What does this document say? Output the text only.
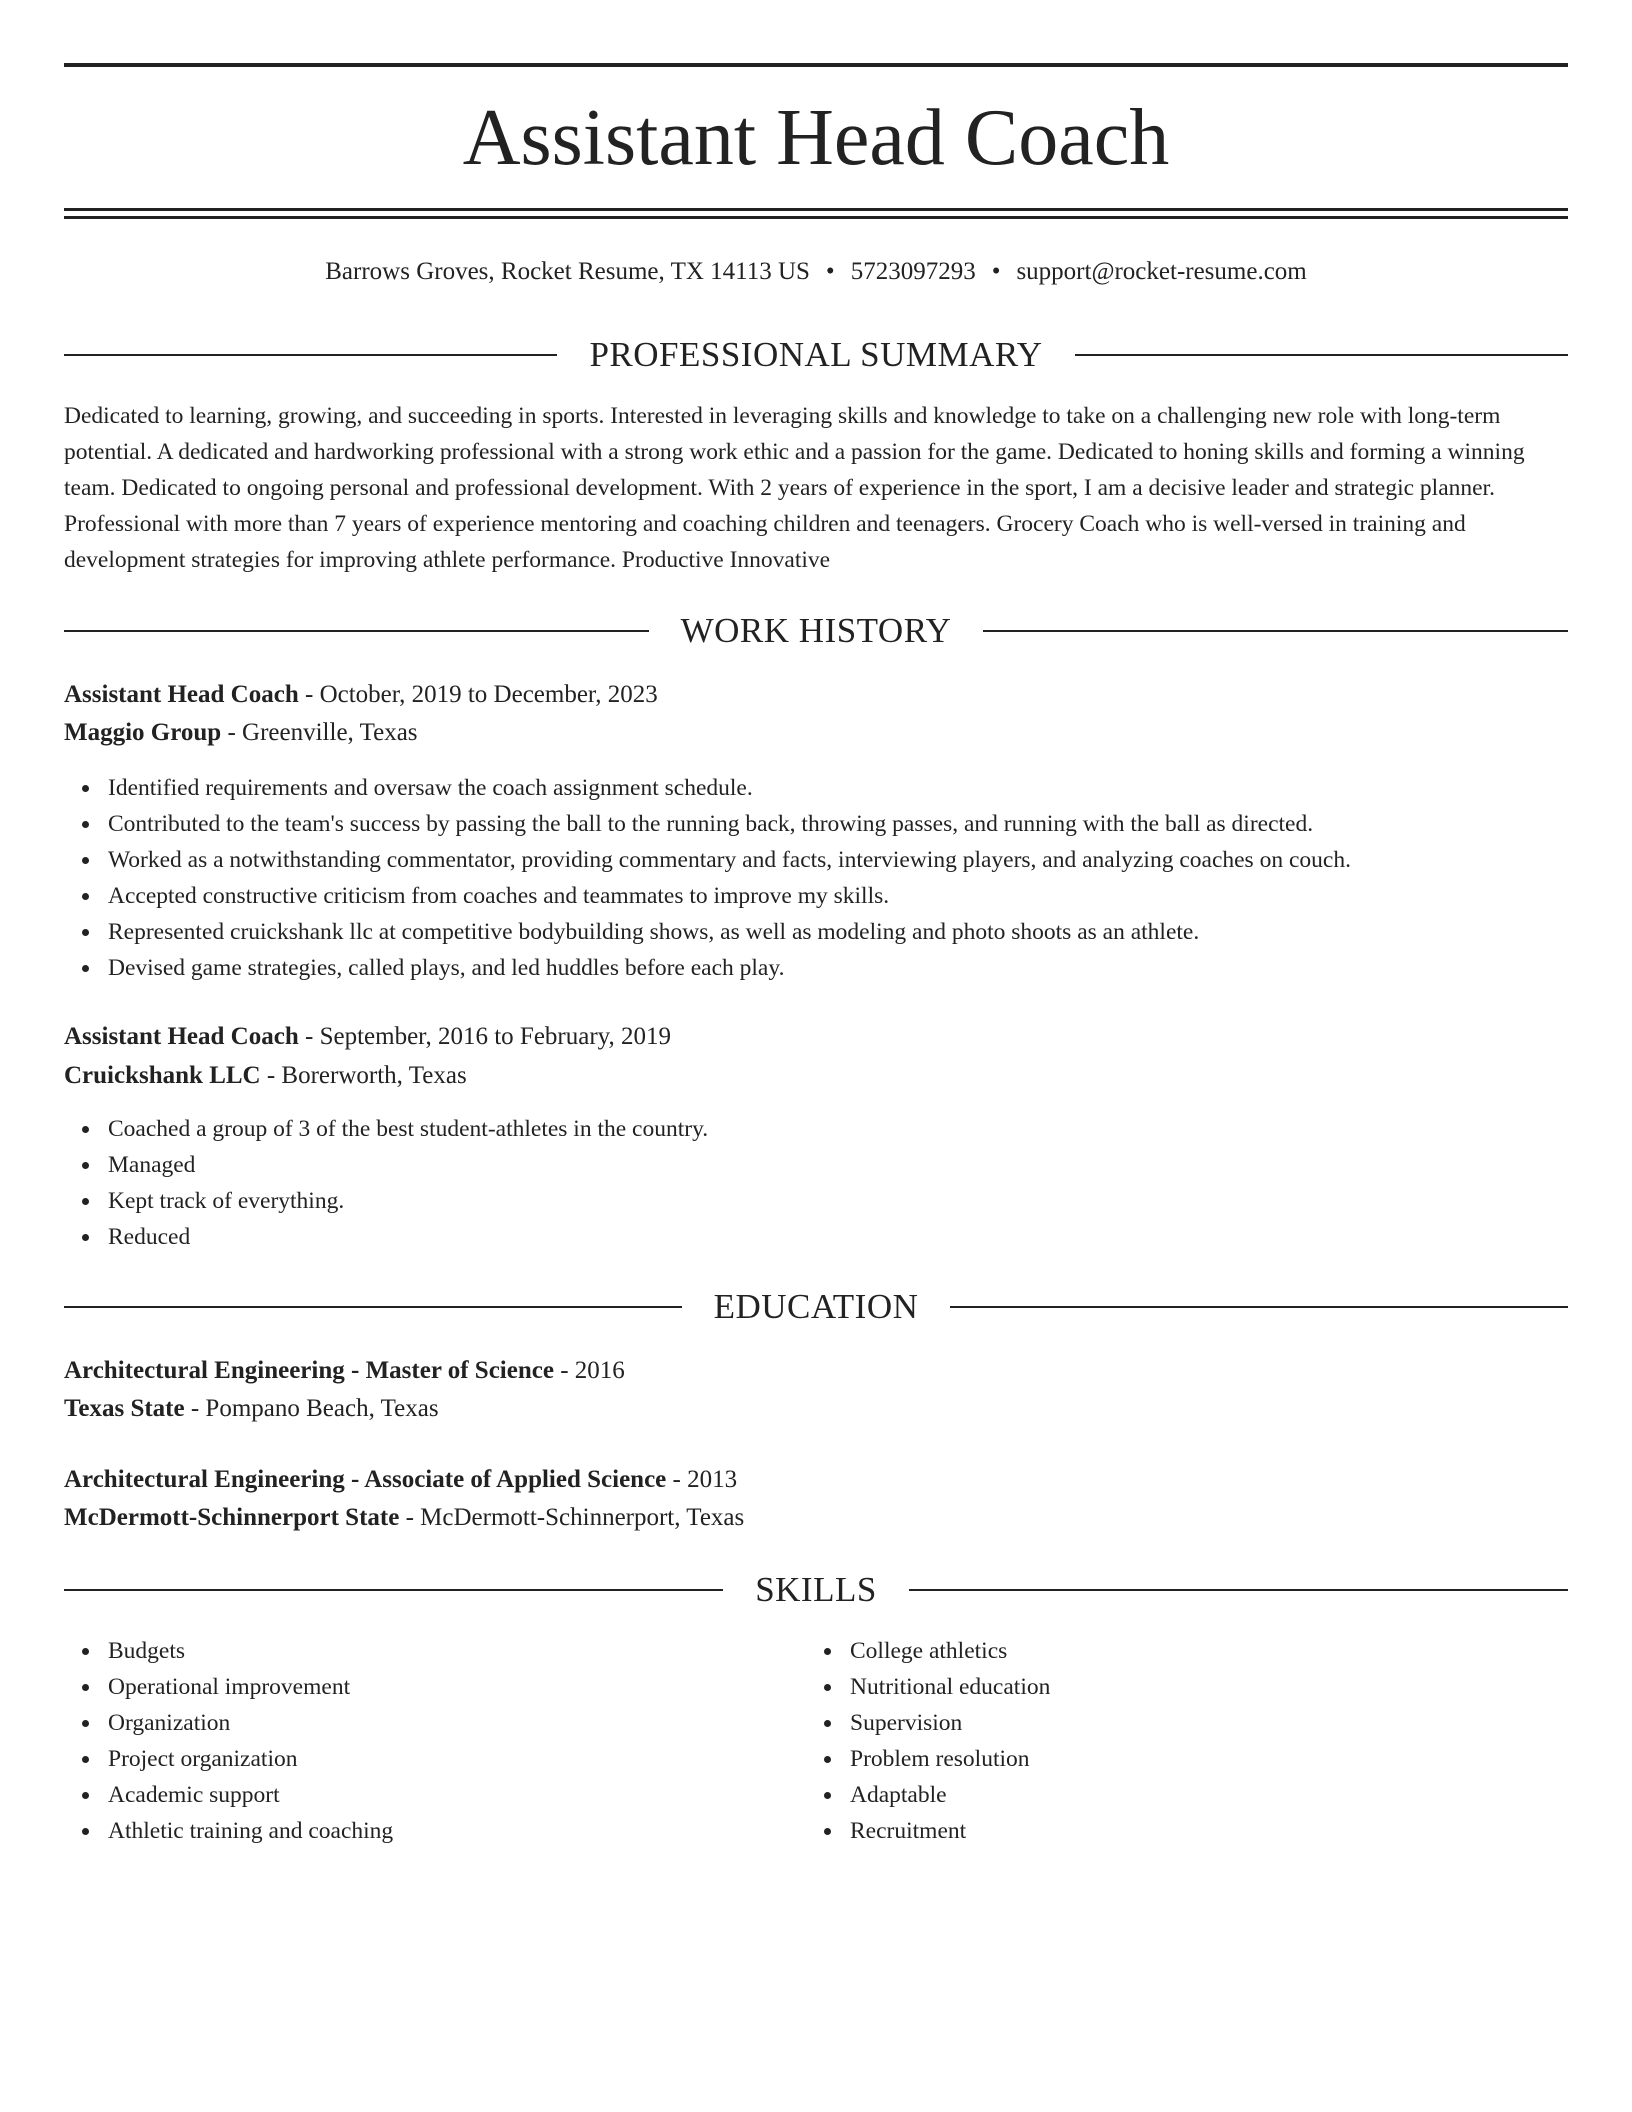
Assistant Head Coach
Barrows Groves, Rocket Resume, TX 14113 US • 5723097293 • support@rocket-resume.com
PROFESSIONAL SUMMARY

Dedicated to learning, growing, and succeeding in sports. Interested in leveraging skills and knowledge to take on a challenging new role with long-term potential. A dedicated and hardworking professional with a strong work ethic and a passion for the game. Dedicated to honing skills and forming a winning team. Dedicated to ongoing personal and professional development. With 2 years of experience in the sport, I am a decisive leader and strategic planner. Professional with more than 7 years of experience mentoring and coaching children and teenagers. Grocery Coach who is well-versed in training and development strategies for improving athlete performance. Productive Innovative

WORK HISTORY
Assistant Head Coach - October, 2019 to December, 2023
Maggio Group - Greenville, Texas
Identified requirements and oversaw the coach assignment schedule.
Contributed to the team's success by passing the ball to the running back, throwing passes, and running with the ball as directed.
Worked as a notwithstanding commentator, providing commentary and facts, interviewing players, and analyzing coaches on couch.
Accepted constructive criticism from coaches and teammates to improve my skills.
Represented cruickshank llc at competitive bodybuilding shows, as well as modeling and photo shoots as an athlete.
Devised game strategies, called plays, and led huddles before each play.
Assistant Head Coach - September, 2016 to February, 2019
Cruickshank LLC - Borerworth, Texas
Coached a group of 3 of the best student-athletes in the country.
Managed
Kept track of everything.
Reduced
EDUCATION
Architectural Engineering - Master of Science - 2016
Texas State - Pompano Beach, Texas
Architectural Engineering - Associate of Applied Science - 2013
McDermott-Schinnerport State - McDermott-Schinnerport, Texas
SKILLS
Budgets
Operational improvement
Organization
Project organization
Academic support
Athletic training and coaching
College athletics
Nutritional education
Supervision
Problem resolution
Adaptable
Recruitment
